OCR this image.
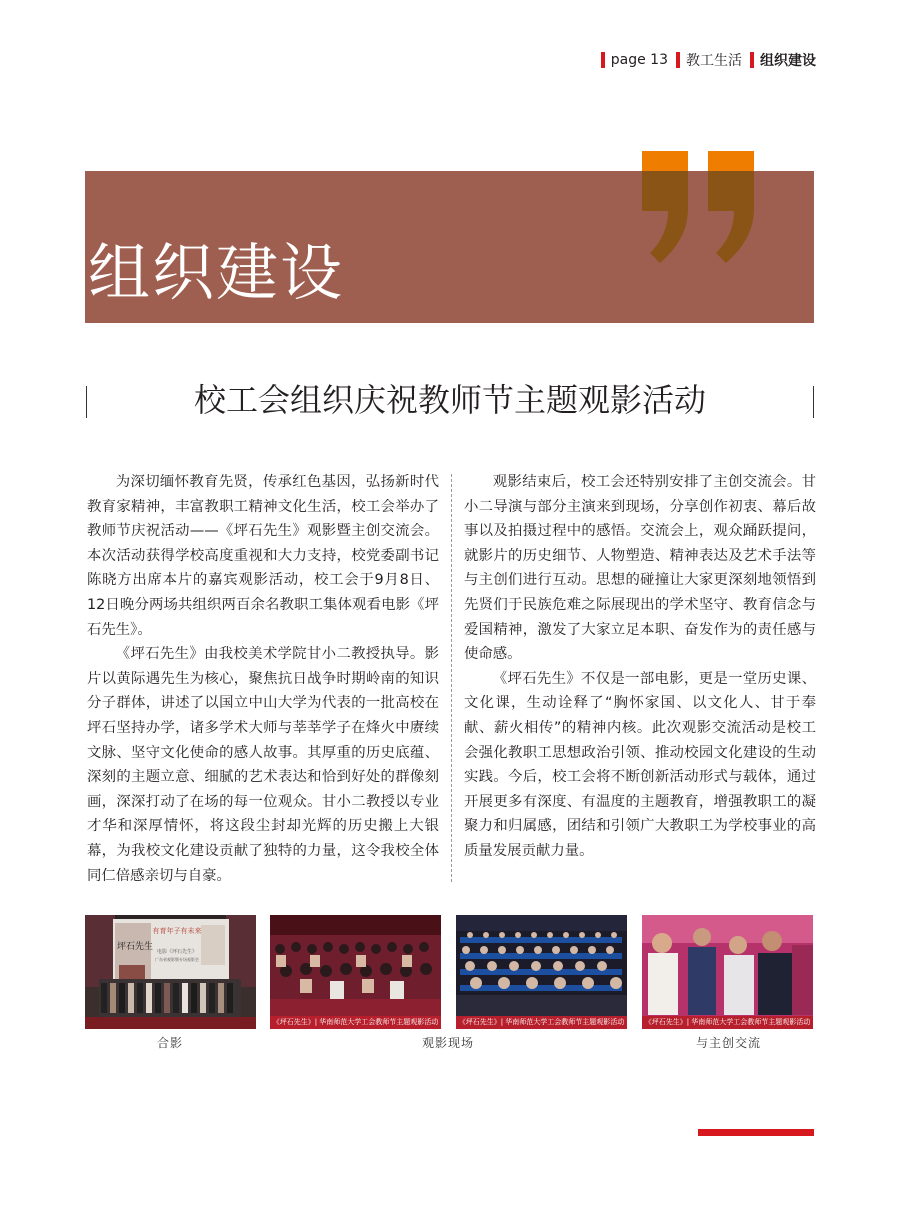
page 13 教工生活 组织建设
组织建设
校工会组织庆祝教师节主题观影活动

为深切缅怀教育先贤，传承红色基因，弘扬新时代教育家精神，丰富教职工精神文化生活，校工会举办了教师节庆祝活动——《坪石先生》观影暨主创交流会。本次活动获得学校高度重视和大力支持，校党委副书记陈晓方出席本片的嘉宾观影活动，校工会于9月8日、12日晚分两场共组织两百余名教职工集体观看电影《坪石先生》。

《坪石先生》由我校美术学院甘小二教授执导。影片以黄际遇先生为核心，聚焦抗日战争时期岭南的知识分子群体，讲述了以国立中山大学为代表的一批高校在坪石坚持办学，诸多学术大师与莘莘学子在烽火中赓续文脉、坚守文化使命的感人故事。其厚重的历史底蕴、深刻的主题立意、细腻的艺术表达和恰到好处的群像刻画，深深打动了在场的每一位观众。甘小二教授以专业才华和深厚情怀，将这段尘封却光辉的历史搬上大银幕，为我校文化建设贡献了独特的力量，这令我校全体同仁倍感亲切与自豪。

观影结束后，校工会还特别安排了主创交流会。甘小二导演与部分主演来到现场，分享创作初衷、幕后故事以及拍摄过程中的感悟。交流会上，观众踊跃提问，就影片的历史细节、人物塑造、精神表达及艺术手法等与主创们进行互动。思想的碰撞让大家更深刻地领悟到先贤们于民族危难之际展现出的学术坚守、教育信念与爱国精神，激发了大家立足本职、奋发作为的责任感与使命感。

《坪石先生》不仅是一部电影，更是一堂历史课、文化课，生动诠释了“胸怀家国、以文化人、甘于奉献、薪火相传”的精神内核。此次观影交流活动是校工会强化教职工思想政治引领、推动校园文化建设的生动实践。今后，校工会将不断创新活动形式与载体，通过开展更多有深度、有温度的主题教育，增强教职工的凝聚力和归属感，团结和引领广大教职工为学校事业的高质量发展贡献力量。

有育年子有未来
电影《坪石先生》
广东省观影暨专场观影会
坪石先生
《坪石先生》| 华南师范大学工会教师节主题观影活动	《坪石先生》| 华南师范大学工会教师节主题观影活动	《坪石先生》| 华南师范大学工会教师节主题观影活动
合影	观影现场	与主创交流
